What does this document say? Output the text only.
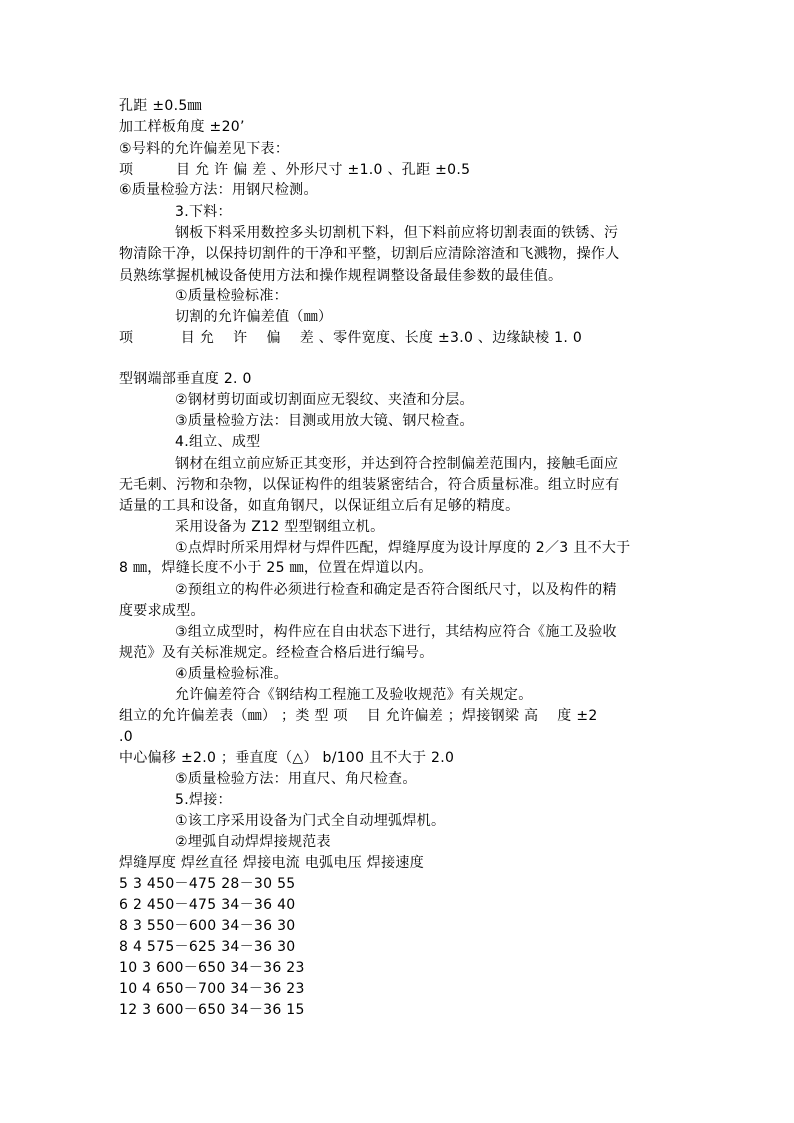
孔距 ±0.5㎜
加工样板角度 ±20’
⑤号料的允许偏差见下表：
项         目 允 许 偏 差 、外形尺寸 ±1.0 、孔距 ±0.5
⑥质量检验方法：用钢尺检测。
3.下料：
钢板下料采用数控多头切割机下料，但下料前应将切割表面的铁锈、污
物清除干净，以保持切割件的干净和平整，切割后应清除溶渣和飞溅物，操作人
员熟练掌握机械设备使用方法和操作规程调整设备最佳参数的最佳值。
①质量检验标准：
切割的允许偏差值（㎜）
项          目 允    许    偏    差 、零件宽度、长度 ±3.0 、边缘缺棱 1. 0
型钢端部垂直度 2. 0
②钢材剪切面或切割面应无裂纹、夹渣和分层。
③质量检验方法：目测或用放大镜、钢尺检查。
4.组立、成型
钢材在组立前应矫正其变形，并达到符合控制偏差范围内，接触毛面应
无毛刺、污物和杂物，以保证构件的组装紧密结合，符合质量标准。组立时应有
适量的工具和设备，如直角钢尺，以保证组立后有足够的精度。
采用设备为 Z12 型型钢组立机。
①点焊时所采用焊材与焊件匹配，焊缝厚度为设计厚度的 2／3 且不大于
8 ㎜，焊缝长度不小于 25 ㎜，位置在焊道以内。
②预组立的构件必须进行检查和确定是否符合图纸尺寸，以及构件的精
度要求成型。
③组立成型时，构件应在自由状态下进行，其结构应符合《施工及验收
规范》及有关标准规定。经检查合格后进行编号。
④质量检验标准。
允许偏差符合《钢结构工程施工及验收规范》有关规定。
组立的允许偏差表（㎜） ；类 型 项    目 允许偏差 ；焊接钢梁 高    度 ±2
.0
中心偏移 ±2.0 ；垂直度（△） b/100 且不大于 2.0
⑤质量检验方法：用直尺、角尺检查。
5.焊接：
①该工序采用设备为门式全自动埋弧焊机。
②埋弧自动焊焊接规范表
焊缝厚度 焊丝直径 焊接电流 电弧电压 焊接速度
5 3 450－475 28－30 55
6 2 450－475 34－36 40
8 3 550－600 34－36 30
8 4 575－625 34－36 30
10 3 600－650 34－36 23
10 4 650－700 34－36 23
12 3 600－650 34－36 15
